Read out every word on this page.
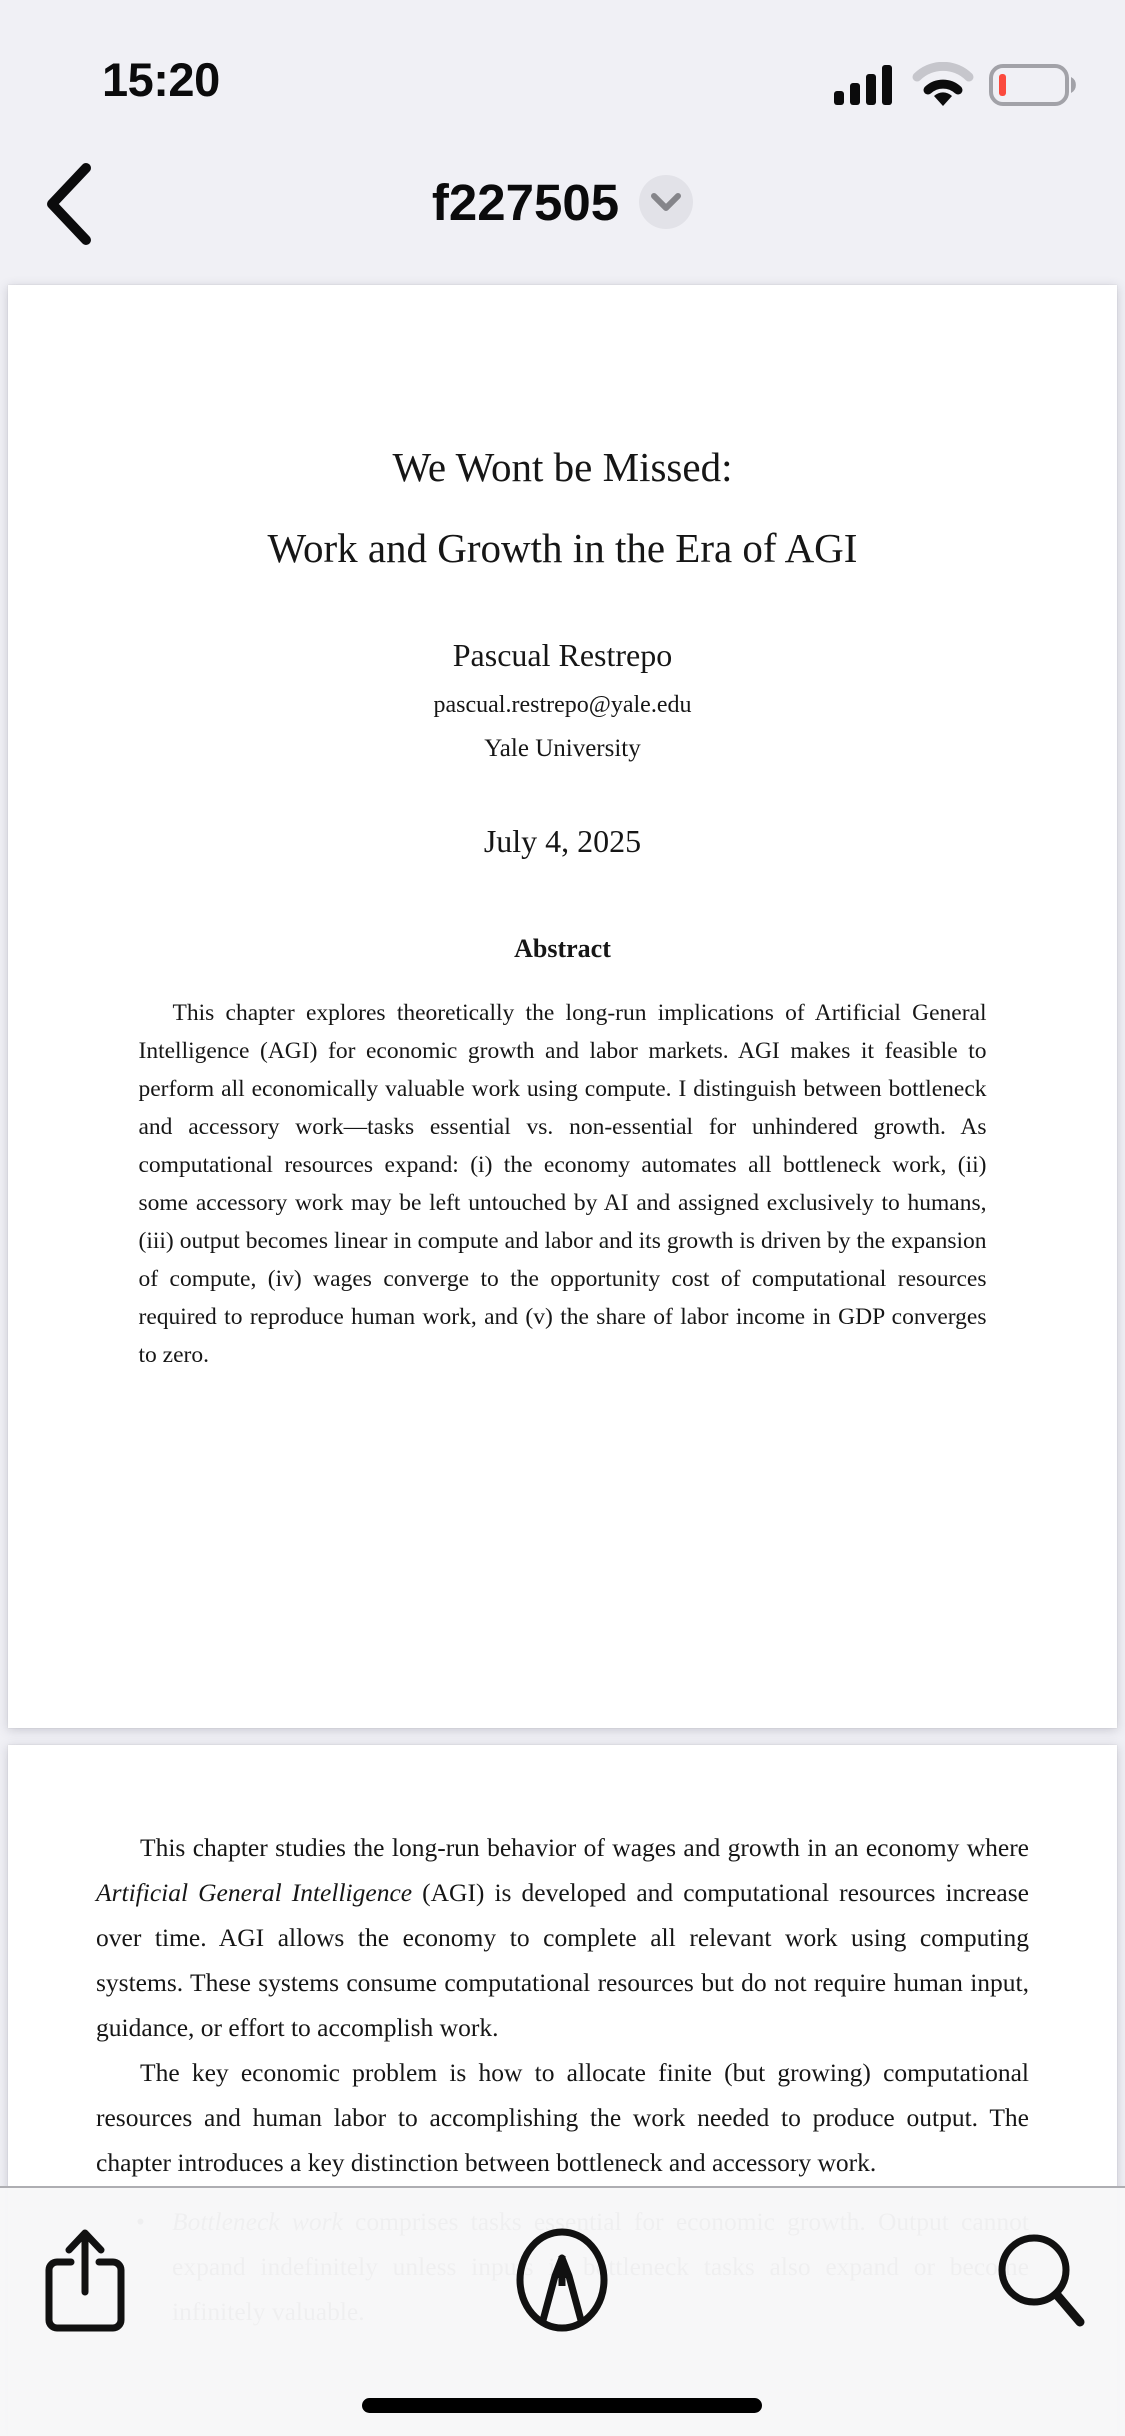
15:20
f227505
We Wont be Missed:
Work and Growth in the Era of AGI
Pascual Restrepo
pascual.restrepo@yale.edu
Yale University
July 4, 2025
Abstract

This chapter explores theoretically the long-run implications of Artificial General Intelligence (AGI) for economic growth and labor markets. AGI makes it feasible to perform all economically valuable work using compute. I distinguish between bottleneck and accessory work—tasks essential vs. non-essential for unhindered growth. As computational resources expand: (i) the economy automates all bottleneck work, (ii) some accessory work may be left untouched by AI and assigned exclusively to humans, (iii) output becomes linear in compute and labor and its growth is driven by the expansion of compute, (iv) wages converge to the opportunity cost of computational resources required to reproduce human work, and (v) the share of labor income in GDP converges to zero.

This chapter studies the long-run behavior of wages and growth in an economy where Artificial General Intelligence (AGI) is developed and computational resources increase over time. AGI allows the economy to complete all relevant work using computing systems. These systems consume computational resources but do not require human input, guidance, or effort to accomplish work.

The key economic problem is how to allocate finite (but growing) computational resources and human labor to accomplishing the work needed to produce output. The chapter introduces a key distinction between bottleneck and accessory work.
